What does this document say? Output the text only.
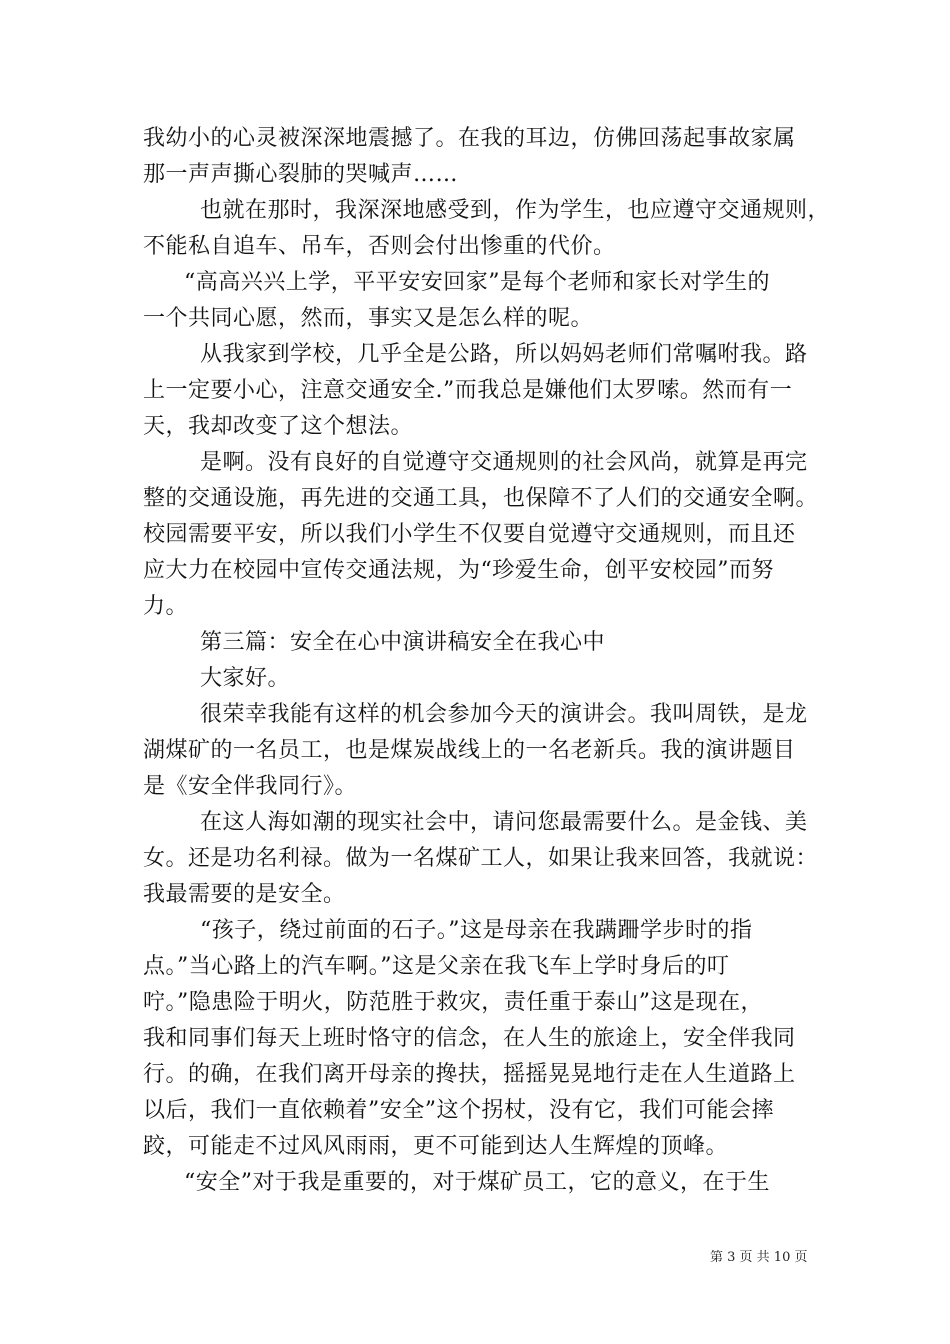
我幼小的心灵被深深地震撼了。在我的耳边，仿佛回荡起事故家属
那一声声撕心裂肺的哭喊声……
也就在那时，我深深地感受到，作为学生，也应遵守交通规则，
不能私自追车、吊车，否则会付出惨重的代价。
“高高兴兴上学，平平安安回家”是每个老师和家长对学生的
一个共同心愿，然而，事实又是怎么样的呢。
从我家到学校，几乎全是公路，所以妈妈老师们常嘱咐我。路
上一定要小心，注意交通安全.”而我总是嫌他们太罗嗦。然而有一
天，我却改变了这个想法。
是啊。没有良好的自觉遵守交通规则的社会风尚，就算是再完
整的交通设施，再先进的交通工具，也保障不了人们的交通安全啊。
校园需要平安，所以我们小学生不仅要自觉遵守交通规则，而且还
应大力在校园中宣传交通法规，为“珍爱生命，创平安校园”而努
力。
第三篇：安全在心中演讲稿安全在我心中
大家好。
很荣幸我能有这样的机会参加今天的演讲会。我叫周铁，是龙
湖煤矿的一名员工，也是煤炭战线上的一名老新兵。我的演讲题目
是《安全伴我同行》。
在这人海如潮的现实社会中，请问您最需要什么。是金钱、美
女。还是功名利禄。做为一名煤矿工人，如果让我来回答，我就说：
我最需要的是安全。
“孩子，绕过前面的石子。”这是母亲在我蹒跚学步时的指
点。”当心路上的汽车啊。”这是父亲在我飞车上学时身后的叮
咛。”隐患险于明火，防范胜于救灾，责任重于泰山”这是现在，
我和同事们每天上班时恪守的信念，在人生的旅途上，安全伴我同
行。的确，在我们离开母亲的搀扶，摇摇晃晃地行走在人生道路上
以后，我们一直依赖着”安全”这个拐杖，没有它，我们可能会摔
跤，可能走不过风风雨雨，更不可能到达人生辉煌的顶峰。
“安全”对于我是重要的，对于煤矿员工，它的意义，在于生
第 3 页 共 10 页
